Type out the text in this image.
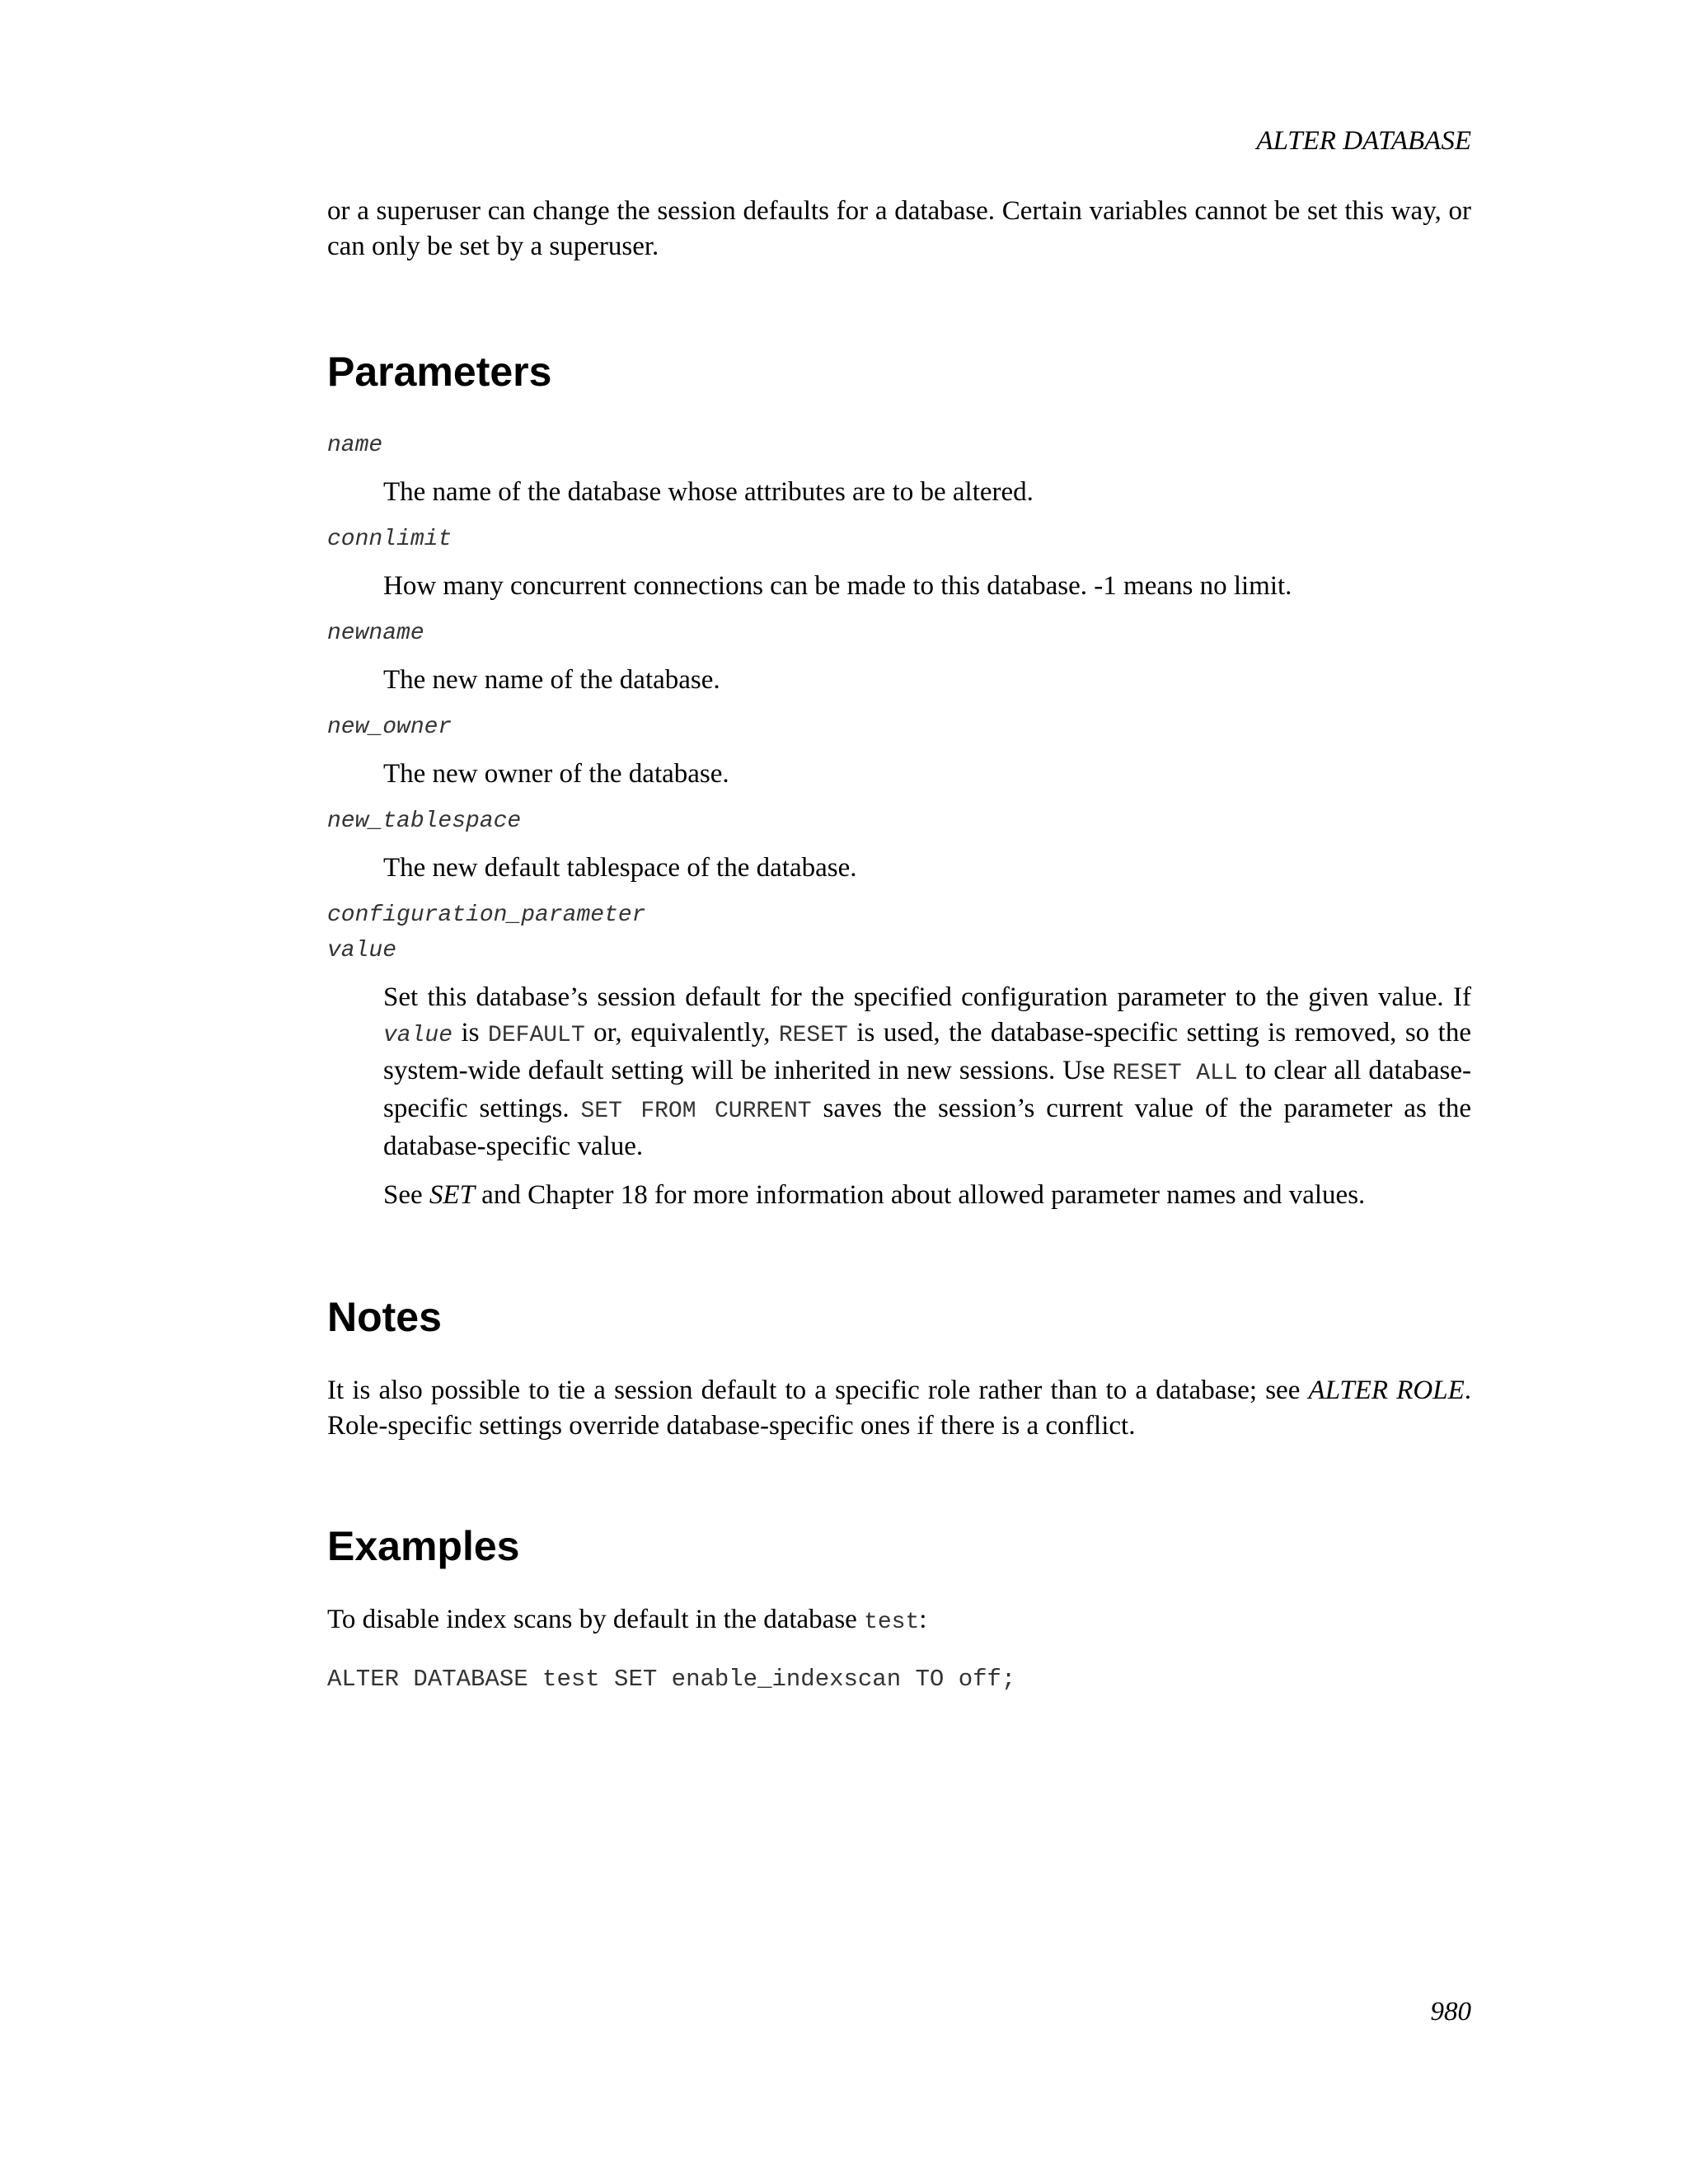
ALTER DATABASE

or a superuser can change the session defaults for a database. Certain variables cannot be set this way, or can only be set by a superuser.

Parameters
name

The name of the database whose attributes are to be altered.

connlimit

How many concurrent connections can be made to this database. -1 means no limit.

newname

The new name of the database.

new_owner

The new owner of the database.

new_tablespace

The new default tablespace of the database.

configuration_parameter
value

Set this database’s session default for the specified configuration parameter to the given value. If value is DEFAULT or, equivalently, RESET is used, the database-specific setting is removed, so the system-wide default setting will be inherited in new sessions. Use RESET ALL to clear all database-specific settings. SET FROM CURRENT saves the session’s current value of the parameter as the database-specific value.

See SET and Chapter 18 for more information about allowed parameter names and values.

Notes

It is also possible to tie a session default to a specific role rather than to a database; see ALTER ROLE. Role-specific settings override database-specific ones if there is a conflict.

Examples

To disable index scans by default in the database test:

ALTER DATABASE test SET enable_indexscan TO off;
980
